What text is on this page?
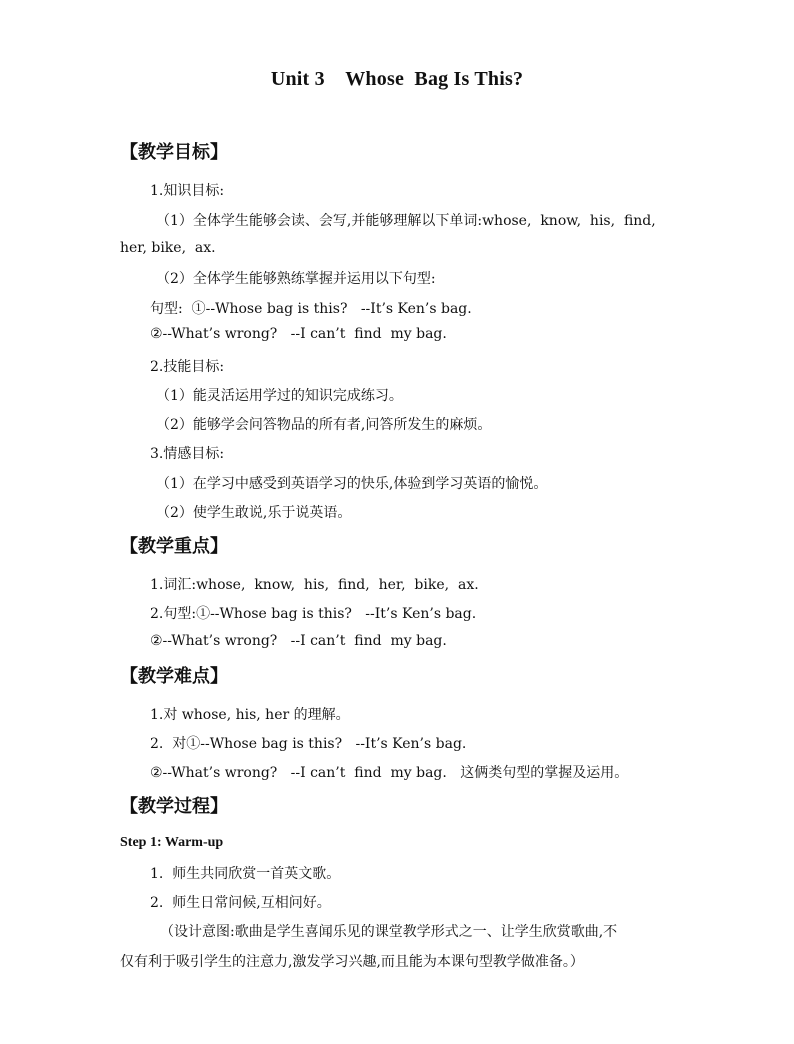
Unit 3    Whose  Bag Is This?
【教学目标】
1.知识目标:
（1）全体学生能够会读、会写,并能够理解以下单词:whose,  know,  his,  find,
her, bike,  ax.
（2）全体学生能够熟练掌握并运用以下句型:
句型:  ①--Whose bag is this?   --It’s Ken’s bag.
②--What’s wrong?   --I can’t  find  my bag.
2.技能目标:
（1）能灵活运用学过的知识完成练习。
（2）能够学会问答物品的所有者,问答所发生的麻烦。
3.情感目标:
（1）在学习中感受到英语学习的快乐,体验到学习英语的愉悦。
（2）使学生敢说,乐于说英语。
【教学重点】
1.词汇:whose,  know,  his,  find,  her,  bike,  ax.
2.句型:①--Whose bag is this?   --It’s Ken’s bag.
②--What’s wrong?   --I can’t  find  my bag.
【教学难点】
1.对 whose, his, her 的理解。
2.  对①--Whose bag is this?   --It’s Ken’s bag.
②--What’s wrong?   --I can’t  find  my bag.   这俩类句型的掌握及运用。
【教学过程】
Step 1: Warm-up
1.  师生共同欣赏一首英文歌。
2.  师生日常问候,互相问好。
（设计意图:歌曲是学生喜闻乐见的课堂教学形式之一、让学生欣赏歌曲,不
仅有利于吸引学生的注意力,激发学习兴趣,而且能为本课句型教学做准备。）
